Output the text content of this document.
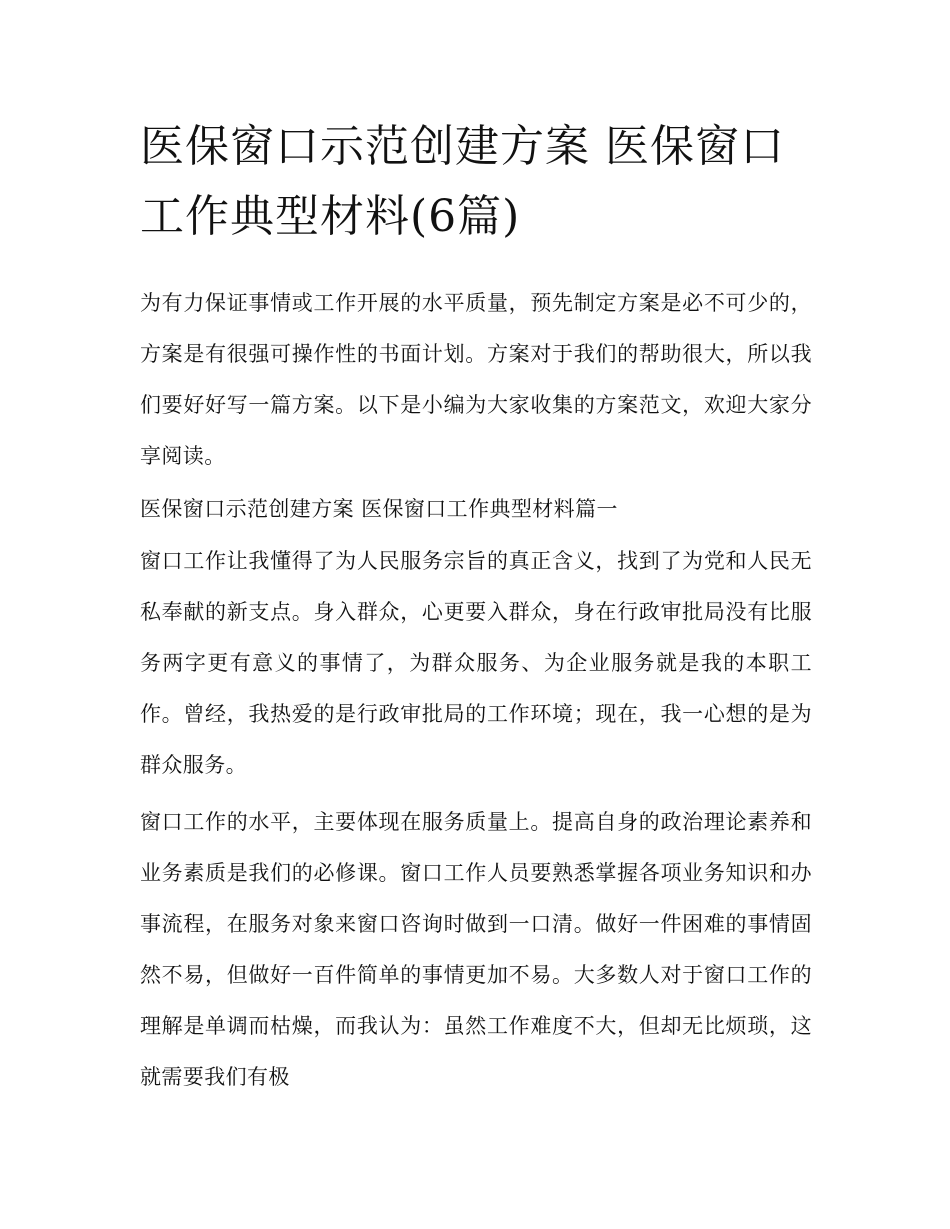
医保窗口示范创建方案 医保窗口工作典型材料(6篇)

为有力保证事情或工作开展的水平质量，预先制定方案是必不可少的，方案是有很强可操作性的书面计划。方案对于我们的帮助很大，所以我们要好好写一篇方案。以下是小编为大家收集的方案范文，欢迎大家分享阅读。

医保窗口示范创建方案 医保窗口工作典型材料篇一

窗口工作让我懂得了为人民服务宗旨的真正含义，找到了为党和人民无私奉献的新支点。身入群众，心更要入群众，身在行政审批局没有比服务两字更有意义的事情了，为群众服务、为企业服务就是我的本职工作。曾经，我热爱的是行政审批局的工作环境；现在，我一心想的是为群众服务。

窗口工作的水平，主要体现在服务质量上。提高自身的政治理论素养和业务素质是我们的必修课。窗口工作人员要熟悉掌握各项业务知识和办事流程，在服务对象来窗口咨询时做到一口清。做好一件困难的事情固然不易，但做好一百件简单的事情更加不易。大多数人对于窗口工作的理解是单调而枯燥，而我认为：虽然工作难度不大，但却无比烦琐，这就需要我们有极
